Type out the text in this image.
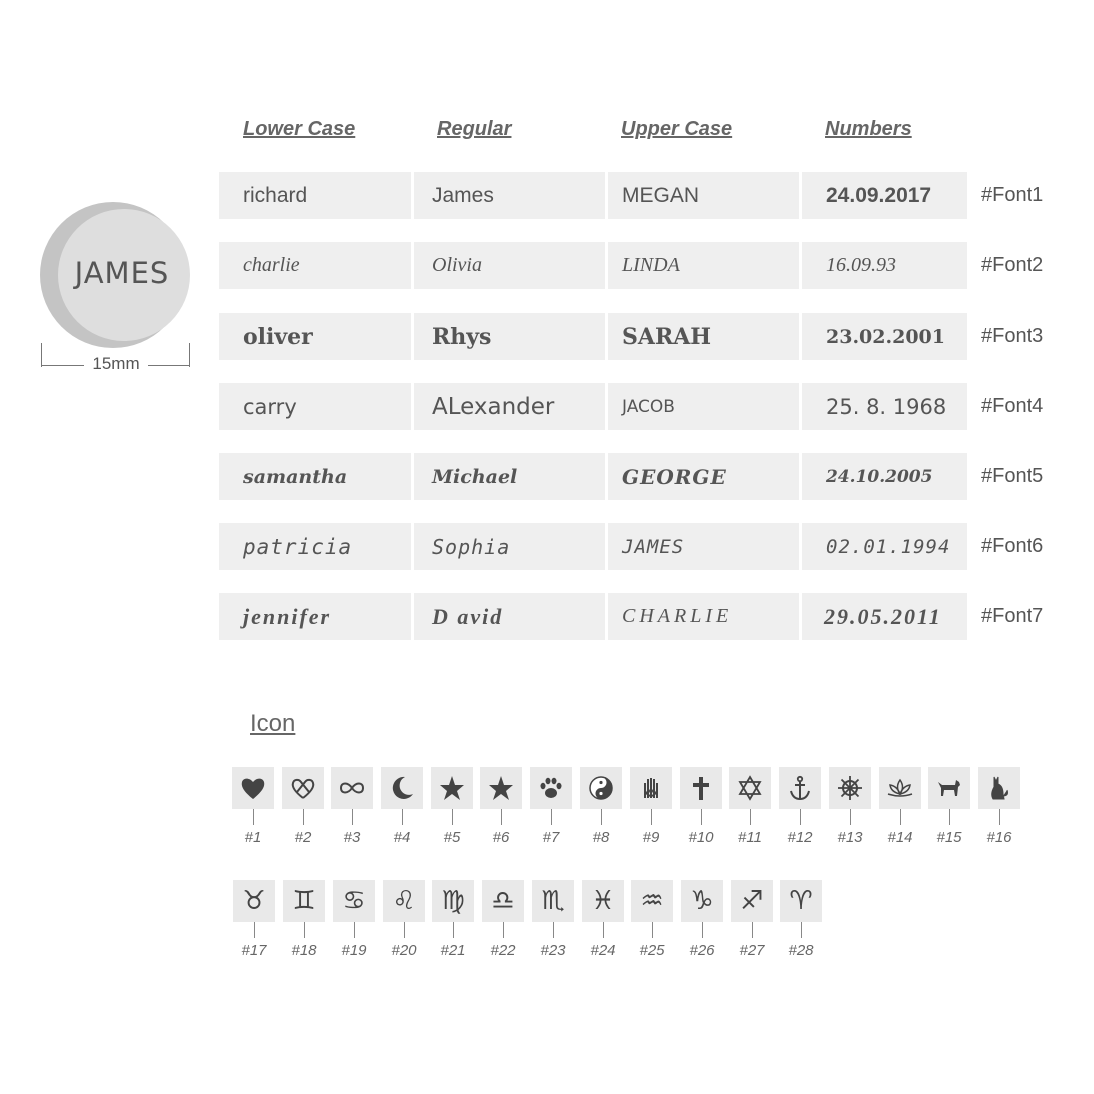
JAMES
15mm
Lower Case	Regular	Upper Case	Numbers
richard	James	MEGAN	24.09.2017	#Font1
charlie	Olivia	LINDA	16.09.93	#Font2
oliver	Rhys	SARAH	23.02.2001	#Font3
carry	ALexander	JACOB	25. 8. 1968	#Font4
samantha	Michael	GEORGE	24.10.2005	#Font5
patricia	Sophia	JAMES	02.01.1994	#Font6
jennifer	D avid	CHARLIE	29.05.2011	#Font7
Icon
#1	#2	#3	#4	#5	#6	#7	#8	#9	#10	#11	#12	#13	#14	#15	#16
♉
#17
♊
#18
♋
#19
♌
#20
♍
#21
♎
#22
♏
#23
♓
#24
♒
#25
♑
#26
♐
#27
♈
#28
